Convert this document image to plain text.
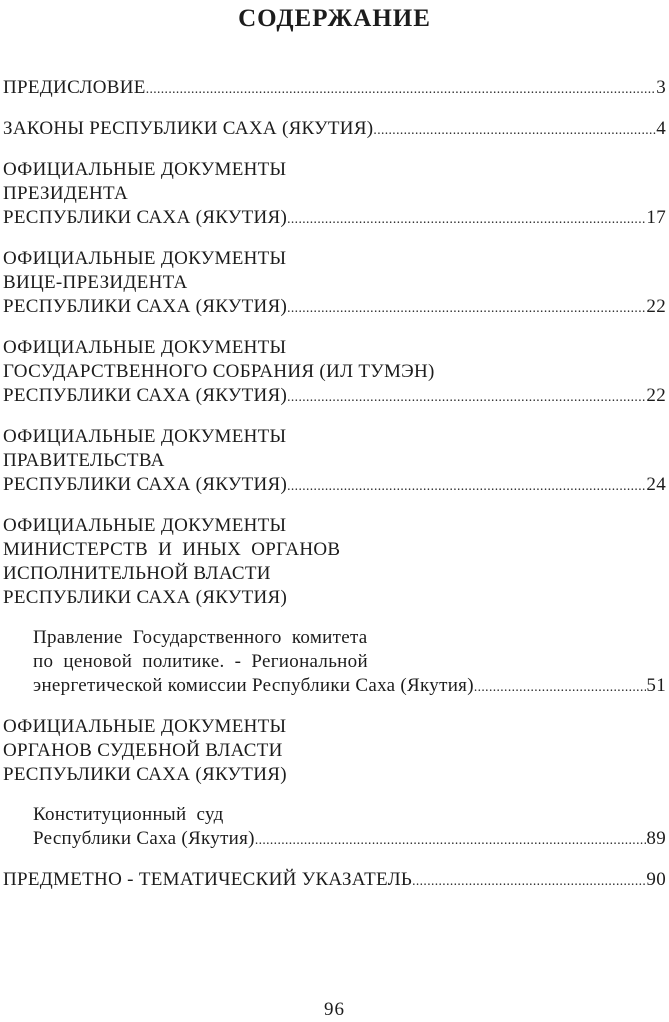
СОДЕРЖАНИЕ
ПРЕДИСЛОВИЕ .....	3
ЗАКОНЫ РЕСПУБЛИКИ САХА (ЯКУТИЯ) .....	4
ОФИЦИАЛЬНЫЕ ДОКУМЕНТЫ
ПРЕЗИДЕНТА
РЕСПУБЛИКИ САХА (ЯКУТИЯ) .....	17
ОФИЦИАЛЬНЫЕ ДОКУМЕНТЫ
ВИЦЕ-ПРЕЗИДЕНТА
РЕСПУБЛИКИ САХА (ЯКУТИЯ) .....	22
ОФИЦИАЛЬНЫЕ ДОКУМЕНТЫ
ГОСУДАРСТВЕННОГО СОБРАНИЯ (ИЛ ТУМЭН)
РЕСПУБЛИКИ САХА (ЯКУТИЯ) .....	22
ОФИЦИАЛЬНЫЕ ДОКУМЕНТЫ
ПРАВИТЕЛЬСТВА
РЕСПУБЛИКИ САХА (ЯКУТИЯ) .....	24
ОФИЦИАЛЬНЫЕ ДОКУМЕНТЫ
МИНИСТЕРСТВ  И  ИНЫХ  ОРГАНОВ
ИСПОЛНИТЕЛЬНОЙ ВЛАСТИ
РЕСПУБЛИКИ САХА (ЯКУТИЯ)
Правление  Государственного  комитета
по  ценовой  политике.  -  Региональной
энергетической комиссии Республики Саха (Якутия) .....	51
ОФИЦИАЛЬНЫЕ ДОКУМЕНТЫ
ОРГАНОВ СУДЕБНОЙ ВЛАСТИ
РЕСПУЬЛИКИ САХА (ЯКУТИЯ)
Конституционный  суд
Республики Саха (Якутия) .....	89
ПРЕДМЕТНО - ТЕМАТИЧЕСКИЙ УКАЗАТЕЛЬ .....	90
96
